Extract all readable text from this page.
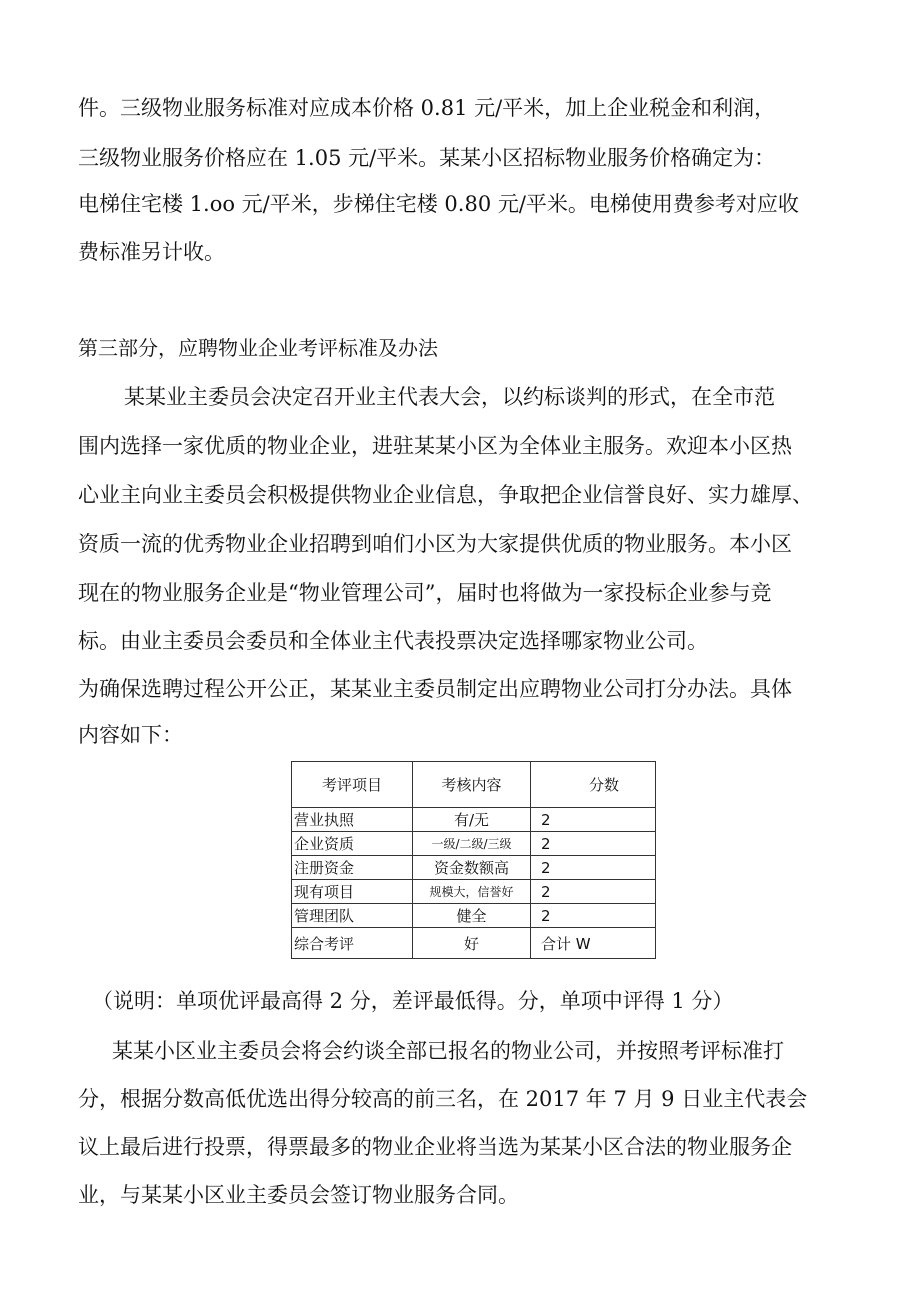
件。三级物业服务标准对应成本价格 0.81 元/平米，加上企业税金和利润，
三级物业服务价格应在 1.05 元/平米。某某小区招标物业服务价格确定为：
电梯住宅楼 1.oo 元/平米，步梯住宅楼 0.80 元/平米。电梯使用费参考对应收
费标准另计收。
第三部分，应聘物业企业考评标准及办法
某某业主委员会决定召开业主代表大会，以约标谈判的形式，在全市范
围内选择一家优质的物业企业，进驻某某小区为全体业主服务。欢迎本小区热
心业主向业主委员会积极提供物业企业信息，争取把企业信誉良好、实力雄厚、
资质一流的优秀物业企业招聘到咱们小区为大家提供优质的物业服务。本小区
现在的物业服务企业是“物业管理公司”，届时也将做为一家投标企业参与竞
标。由业主委员会委员和全体业主代表投票决定选择哪家物业公司。
为确保选聘过程公开公正，某某业主委员制定出应聘物业公司打分办法。具体
内容如下：
考评项目	考核内容	分数
营业执照	有/无	2
企业资质	一级/二级/三级	2
注册资金	资金数额高	2
现有项目	规模大，信誉好	2
管理团队	健全	2
综合考评	好	合计 W
（说明：单项优评最高得 2 分，差评最低得。分，单项中评得 1 分）
某某小区业主委员会将会约谈全部已报名的物业公司，并按照考评标准打
分，根据分数高低优选出得分较高的前三名，在 2017 年 7 月 9 日业主代表会
议上最后进行投票，得票最多的物业企业将当选为某某小区合法的物业服务企
业，与某某小区业主委员会签订物业服务合同。
